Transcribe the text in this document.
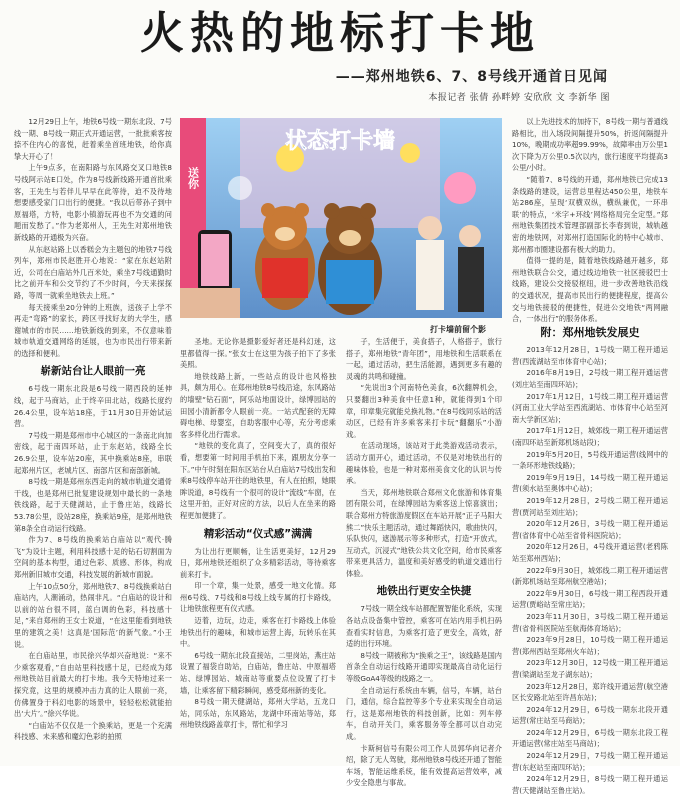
火热的地标打卡地
——郑州地铁6、7、8号线开通首日见闻
本报记者 张倩 孙畔婷 安欣欣 文 李新华 图

12月29日上午，地铁6号线一期东北段、7号线一期、8号线一期正式开通运营，一批批乘客按捺不住内心的喜悦，赶着乘坐首班地铁，给你真挚大开心了！

上午9点多，在南阳路与东风路交叉口地铁8号线阿示站E口处，作为8号线新线路开通首批乘客，王先生与若伴儿早早在此等待，迫不及待地想要感受家门口出行的便捷。“我以后带孙子到中原福塔，方特，电影小镇游玩再也不为交通的问题而发愁了。”作为老郑州人，王先生对郑州地铁新线路的开通极为兴奋。

从东赵站路上以香糕会为主题包的地铁7号线列车，郑州市民赵胜开心地说：“家在东赵站附近，公司在白庙站外几百米处，乘坐7号线通勤时比之前开车和公交节约了不少时间，今天来探探路，等周一就乘坐地铁去上班。”

每天接乘坐20分钟的上班族，送孩子上学不再走“弯路”的家长，跨区寻找好友的大学生，感谢城市的市民……地铁新线的到来，不仅意味着城市轨道交通网络的延展，也为市民出行带来新的选择和便利。

崭新站台让人眼前一亮

6号线一期东北段是6号线一期西段的延伸线，起于马商站，止于终辛田北站，线路长度约26.4公里，设车站18座，于11月30日开始试运营。

7号线一期是郑州市中心城区的一条南北向加密线，起于南四环站，止于东赵站，线路全长26.9公里，设车站20座，其中换乘站8座，串联起郑州片区，老城片区、南部片区和南部新城。

8号线一期是郑州东西走向的城市轨道交通骨干线，也是郑州已批复建设规划中最长的一条地铁线路，起于天健湖站，止于鲁庄站，线路长53.78公里，设站28座，换乘站9座，是郑州地铁第8条全自动运行线路。

作为7、8号线的换乘站白庙站以“观代·腾飞”为设计主题，利用科技感十足的钻石切割面为空间的基本构型，通过色彩、质感、形体，构成郑州新旧城市交通，科技发展的新城市面貌。

上午10点50分，郑州地铁7、8号线换乘站白庙站内，人潮涌动，热闹非凡。“白庙站的设计和以前的站台很不同，蓝白调的色彩，科技感十足，”来自郑州的王女士说道，“在这里能看到地铁里的建筑之美！这真是‘国际范’的新气象。”小王说。

在白庙站里，市民徐兴华却兴奋地说：“来不少乘客观看，”自由站里科技感十足，已经成为郑州地铁站目前最大的打卡地。我今天特地过来一探究竟，这里的规模冲击力真的让人眼前一亮，仿佛置身于科幻电影的场景中，轻轻松松就能拍出‘大片’。”徐兴华说。

“白庙站不仅仅是一个换乘站，更是一个充满科技感、未来感和魔幻色彩的拍照

状态打卡墙
送你
打卡墙前留个影

圣地。无论你是摄影爱好者还是科幻迷，这里都值得一探。”张女士在这里为孩子拍下了多张美照。

地铁线路上新，一些站点的设计也风格独具，颇为用心。在郑州地铁8号线沿途，东风路站的墙壁“钻石面”，阿乐站地面设计，绿博园站的田园小清新都令人眼前一亮。一站式配套的无障碍电梯、母婴室，自助客服中心等，充分考虑乘客多样化出行需求。

“地铁的变化真了，空间变大了，真的很好看，想要第一时间用手机拍下来，跟朋友分享一下。”中午时刻在阳东区站台从白庙站7号线出发和乘8号线停车站开往的地铁里，有人在拍照，她眼眸说道，8号线有一个很可的设计“流线”车窗，在这里开拍，正好对应的方法，以后人在坐来的路程更加便捷了。

精彩活动“仪式感”满满

为让出行更顺畅，让生活更美好，12月29日，郑州地铁还组织了众多精彩活动，等待乘客前来打卡。

印一个章，集一处景，感受一地文化情。郑州6号线、7号线和8号线上线专属的打卡路线，让地铁旅程更有仪式感。

迈着，边玩，边走，乘客在打卡路线上体验地铁出行的趣味，和城市运营上海，玩转乐在其中。

6号线一期东北段直接站，二里岗站，燕庄站设置了福袋自助站，白庙站，鲁庄站、中原福塔站、绿博园站、城南站等重要点位设置了打卡墙，让乘客留下精彩瞬间，感受郑州新的变化。

8号线一期天健湖站，郑州大学站，五龙口站，同乐站，东风路站，龙湖中环南站等站，郑州地铁线路盖章打卡，帮忙和学习

子，生活便于，美食搭子，人格搭子，旅行搭子，郑州地铁“青年团”，用地铁和生活联系在一起，通过活动，把生活能源，遇到更多有趣的灵魂的共鸣和碰撞。

“先说出3个河南特色美食，6次翻牌机会，只要翻出3种美食中任意1种，就能得到1个印章，印章集完就能兑换礼物。”在8号线同乐站的活动区，已经有许多乘客来打卡玩“翻翻乐”小游戏。

在活动现场，该站对于此类游戏活动表示，活动方面开心，通过活动，不仅是对地铁出行的趣味体验，也是一种对郑州美食文化的认识与传承。

当天，郑州地铁联合郑州文化旅游和体育集团有限公司，在绿博园站为乘客送上惊喜演出；联合郑州方特旅游度假区在车站开展“正子马阳大熊二”快乐主题活动，通过舞蹈快闪，歌曲快闪，乐队快闪，遮游展示等多种形式，打造“开放式，互动式，沉浸式”地铁公共文化空间，给市民乘客带来更具活力，温度和美好感受的轨道交通出行体验。

地铁出行更安全快捷

7号线一期全线车站都配置智能化系统，实现各站点设备集中管控，乘客可在站内用手机扫码查看实时信息，为乘客打造了更安全，高效，舒适的出行环境。

8号线一期被称为“换乘之王”，该线路是国内首条全自动运行线路开通即实现最高自动化运行等级GoA4等级的线路之一。

全自动运行系统由车辆，信号，车辆，站台门，通信，综合监控等多个专业来实现全自动运行，这是郑州地铁的科技创新，比如：列车停车，自动开关门，乘客服务等全都可以自动完成。

卡斯柯信号有限公司工作人员郭华向记者介绍，除了无人驾驶，郑州地铁8号线还开通了智能车场，智能运维系统，能有效提高运营效率，减少安全隐患与事故。

以上先进技术的加持下，8号线一期与普通线路相比，出入场段间隔提升50%，折返间隔提升10%，晚期成功率超99.99%，故障率由万公里1次下降为万公里0.5次以内，旅行速度平均提高3公里/小时。

“随着7、8号线的开通，郑州地铁已完成13条线路的建设，运营总里程达450公里，地铁车站286座，呈现‘双横双纵，横纵兼优，一环串联’的特点，‘米字+环线’网络格局完全定型。”郑州地铁集团技术管理部副部长李春到说，城轨越密的地铁网，对郑州打造国际化的特中心城市、郑州都市圈建设都有极大的助力。

值得一提的是，随着地铁线路越开越多，郑州地铁联合公交，通过线边地铁一社区接驳巴士线路，建设公交接驳枢纽，进一步改善地铁沿线的交通状况，提高市民出行的便捷程度，提高公交与地铁接驳的便捷性，促进公交地铁“两网融合，一体出行”的服务体系。

附：郑州地铁发展史

2013年12月28日，1号线一期工程开通运营(西流湖站至市体育中心站)；

2016年8月19日，2号线一期工程开通运营(刘庄站至南四环站)；

2017年1月12日，1号线二期工程开通运营(河南工业大学站至西流湖站、市体育中心站至河南大学新区站)；

2017年1月12日，城郊线一期工程开通运营(南四环站至新郑机场站段)；

2019年5月20日，5号线开通运营(线网中的一条环形地铁线路)；

2019年9月19日，14号线一期工程开通运营(须水站至奥体中心站)；

2019年12月28日，2号线二期工程开通运营(贾河站至刘庄站)；

2020年12月26日，3号线一期工程开通运营(省体育中心站至省骨科医院站)；

2020年12月26日，4号线开通运营(老鸦陈站至郑州西站)；

2022年9月30日，城郊线二期工程开通运营(新郑机场站至郑州航空港站)；

2022年9月30日，6号线一期工程西段开通运营(贾峪站至常庄站)；

2023年11月30日，3号线二期工程开通运营(省骨科医院站至航海体育场站)；

2023年9月28日，10号线一期工程开通运营(郑州西站至郑州火车站)；

2023年12月30日，12号线一期工程开通运营(梁湖站至龙子湖东站)；

2023年12月28日，郑许线开通运营(航空港区长安路北站至许昌东站)；

2024年12月29日，6号线一期东北段开通运营(常庄站至马商站)；

2024年12月29日，6号线一期东北段工程开通运营(常庄站至马商站)；

2024年12月29日，7号线一期工程开通运营(东赵站至南四环站)；

2024年12月29日，8号线一期工程开通运营(天健湖站至鲁庄站)。
